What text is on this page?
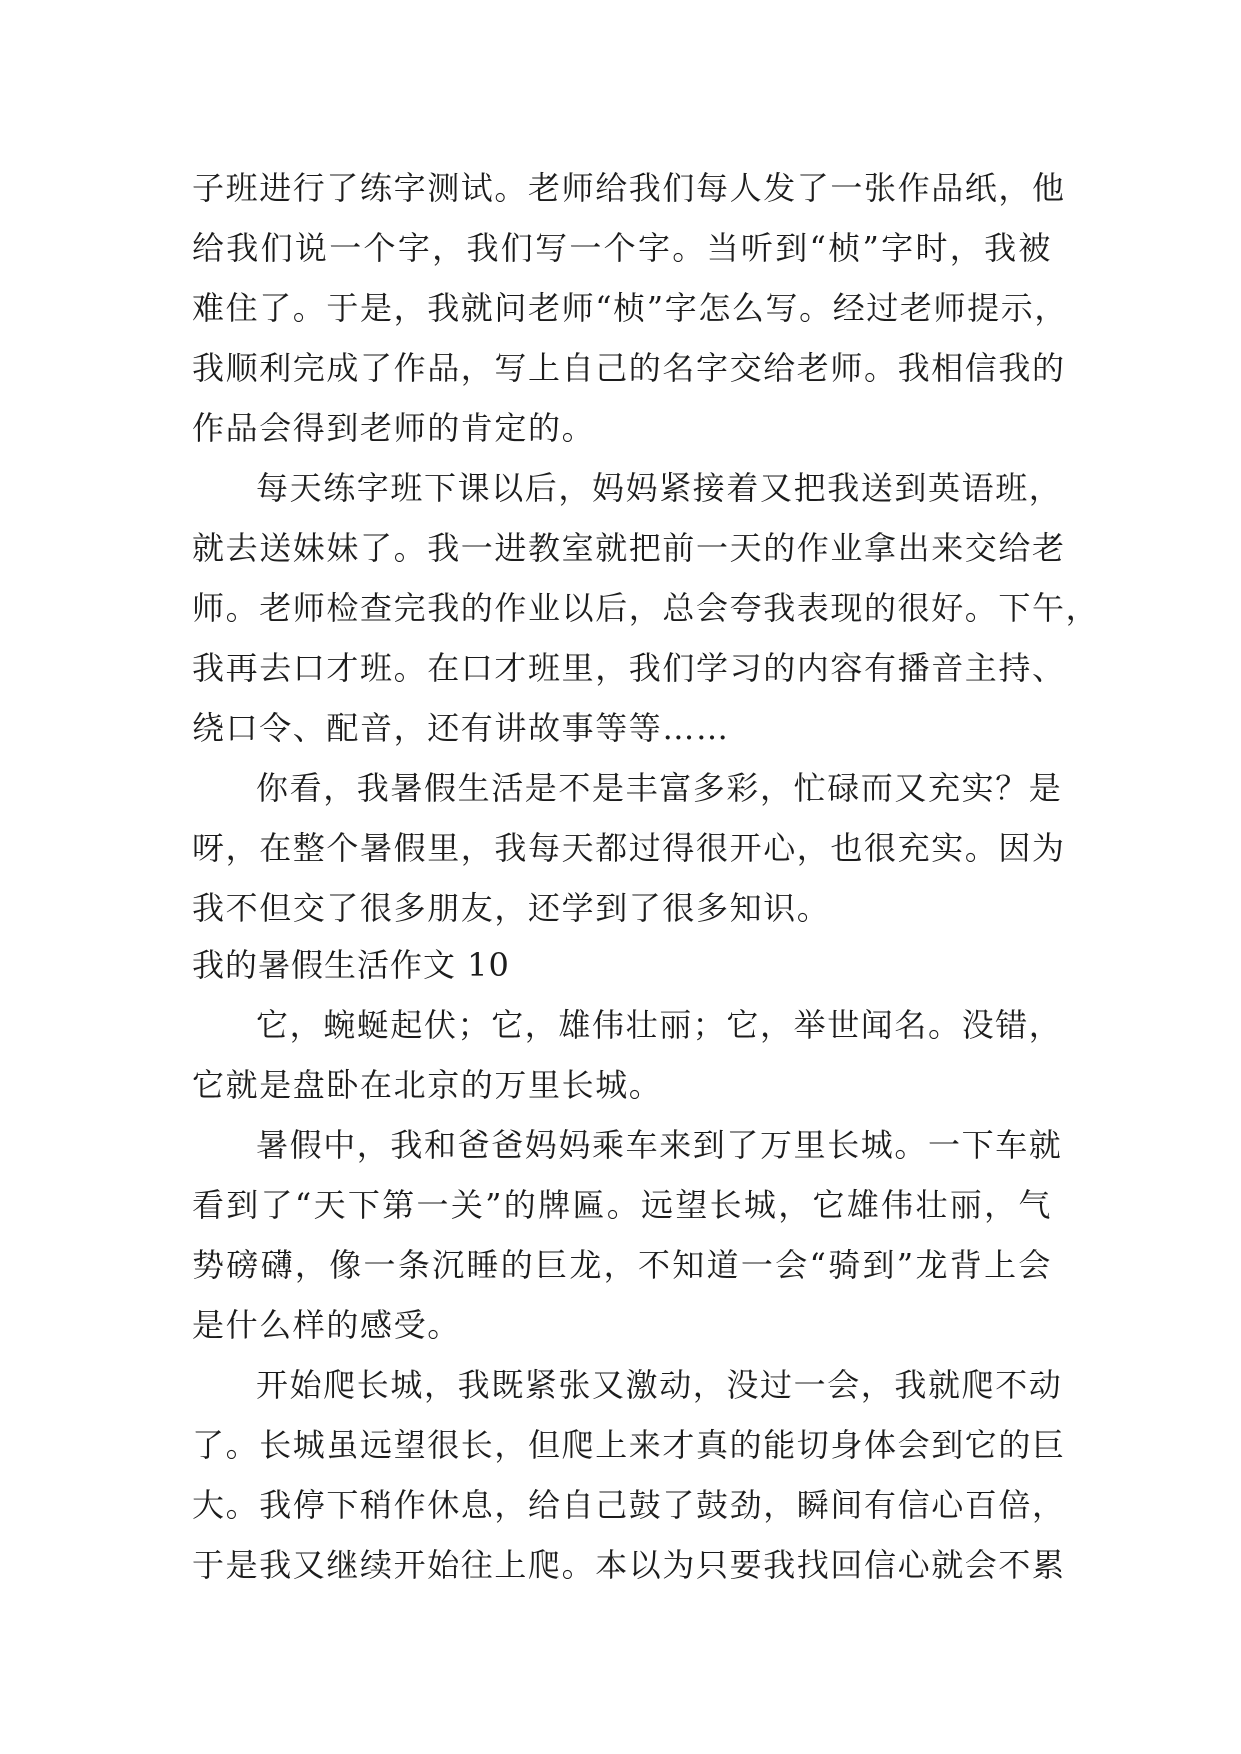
子班进行了练字测试。老师给我们每人发了一张作品纸，他
给我们说一个字，我们写一个字。当听到“桢”字时，我被
难住了。于是，我就问老师“桢”字怎么写。经过老师提示，
我顺利完成了作品，写上自己的名字交给老师。我相信我的
作品会得到老师的肯定的。
每天练字班下课以后，妈妈紧接着又把我送到英语班，
就去送妹妹了。我一进教室就把前一天的作业拿出来交给老
师。老师检查完我的作业以后，总会夸我表现的很好。下午，
我再去口才班。在口才班里，我们学习的内容有播音主持、
绕口令、配音，还有讲故事等等……
你看，我暑假生活是不是丰富多彩，忙碌而又充实？是
呀，在整个暑假里，我每天都过得很开心，也很充实。因为
我不但交了很多朋友，还学到了很多知识。
我的暑假生活作文 10
它，蜿蜒起伏；它，雄伟壮丽；它，举世闻名。没错，
它就是盘卧在北京的万里长城。
暑假中，我和爸爸妈妈乘车来到了万里长城。一下车就
看到了“天下第一关”的牌匾。远望长城，它雄伟壮丽，气
势磅礴，像一条沉睡的巨龙，不知道一会“骑到”龙背上会
是什么样的感受。
开始爬长城，我既紧张又激动，没过一会，我就爬不动
了。长城虽远望很长，但爬上来才真的能切身体会到它的巨
大。我停下稍作休息，给自己鼓了鼓劲，瞬间有信心百倍，
于是我又继续开始往上爬。本以为只要我找回信心就会不累
